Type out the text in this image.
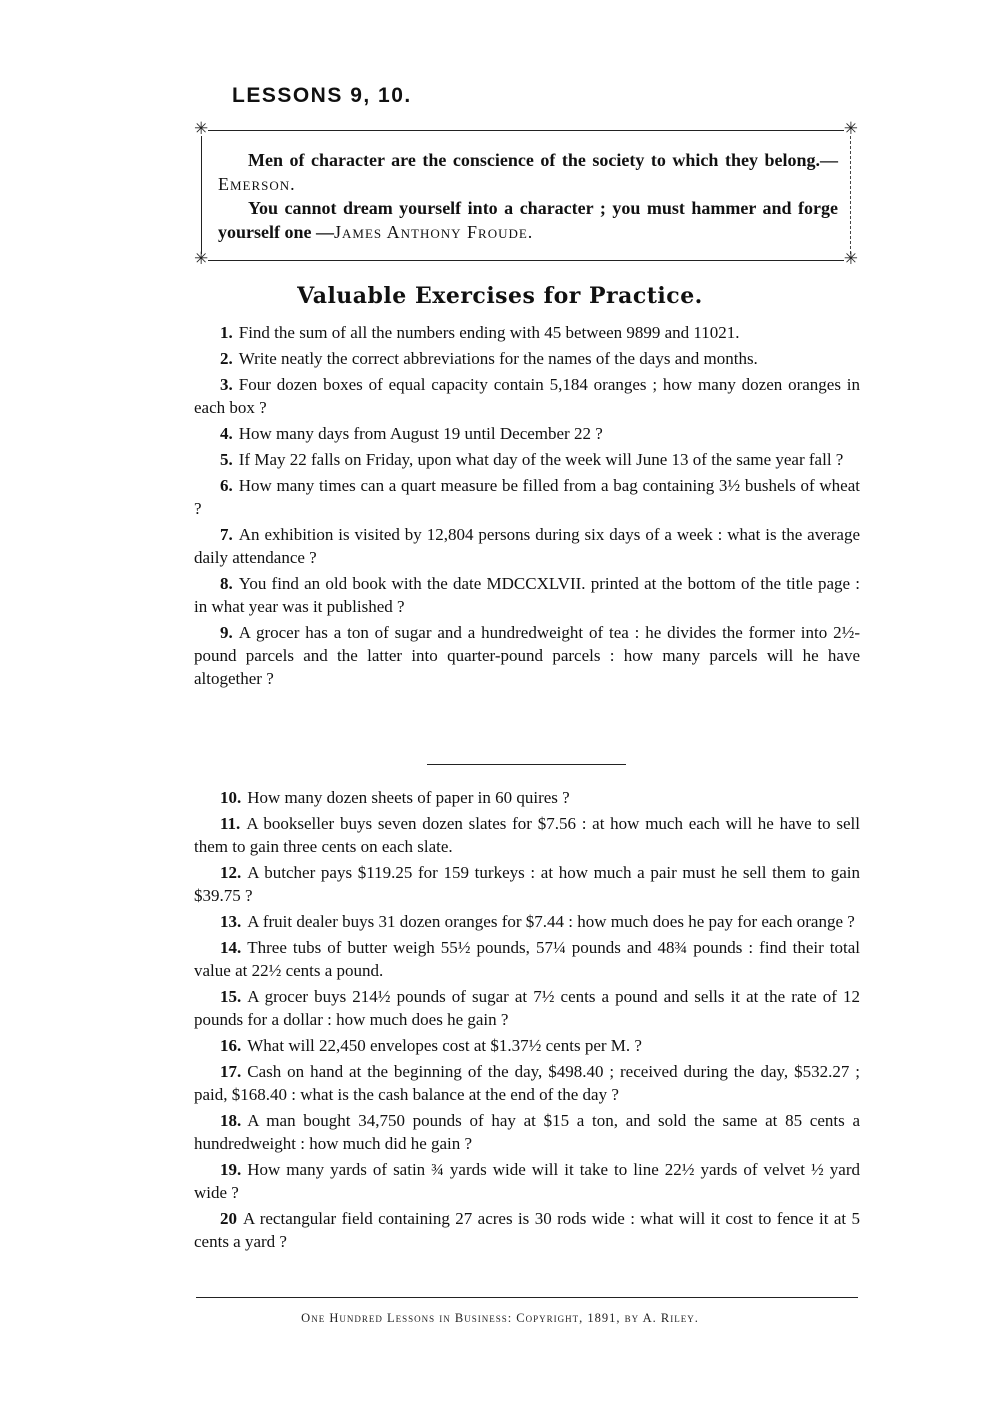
LESSONS 9, 10.
✳	✳
✳	✳

Men of character are the conscience of the society to which they belong.—Emerson.

You cannot dream yourself into a character ; you must hammer and forge yourself one —James Anthony Froude.

Valuable Exercises for Practice.

1. Find the sum of all the numbers ending with 45 between 9899 and 11021.

2. Write neatly the correct abbreviations for the names of the days and months.

3. Four dozen boxes of equal capacity contain 5,184 oranges ; how many dozen oranges in each box ?

4. How many days from August 19 until December 22 ?

5. If May 22 falls on Friday, upon what day of the week will June 13 of the same year fall ?

6. How many times can a quart measure be filled from a bag containing 3½ bushels of wheat ?

7. An exhibition is visited by 12,804 persons during six days of a week : what is the average daily attendance ?

8. You find an old book with the date MDCCXLVII. printed at the bottom of the title page : in what year was it published ?

9. A grocer has a ton of sugar and a hundredweight of tea : he divides the former into 2½-pound parcels and the latter into quarter-pound parcels : how many parcels will he have altogether ?

10. How many dozen sheets of paper in 60 quires ?

11. A bookseller buys seven dozen slates for $7.56 : at how much each will he have to sell them to gain three cents on each slate.

12. A butcher pays $119.25 for 159 turkeys : at how much a pair must he sell them to gain $39.75 ?

13. A fruit dealer buys 31 dozen oranges for $7.44 : how much does he pay for each orange ?

14. Three tubs of butter weigh 55½ pounds, 57¼ pounds and 48¾ pounds : find their total value at 22½ cents a pound.

15. A grocer buys 214½ pounds of sugar at 7½ cents a pound and sells it at the rate of 12 pounds for a dollar : how much does he gain ?

16. What will 22,450 envelopes cost at $1.37½ cents per M. ?

17. Cash on hand at the beginning of the day, $498.40 ; received during the day, $532.27 ; paid, $168.40 : what is the cash balance at the end of the day ?

18. A man bought 34,750 pounds of hay at $15 a ton, and sold the same at 85 cents a hundredweight : how much did he gain ?

19. How many yards of satin ¾ yards wide will it take to line 22½ yards of velvet ½ yard wide ?

20 A rectangular field containing 27 acres is 30 rods wide : what will it cost to fence it at 5 cents a yard ?

One Hundred Lessons in Business: Copyright, 1891, by A. Riley.
